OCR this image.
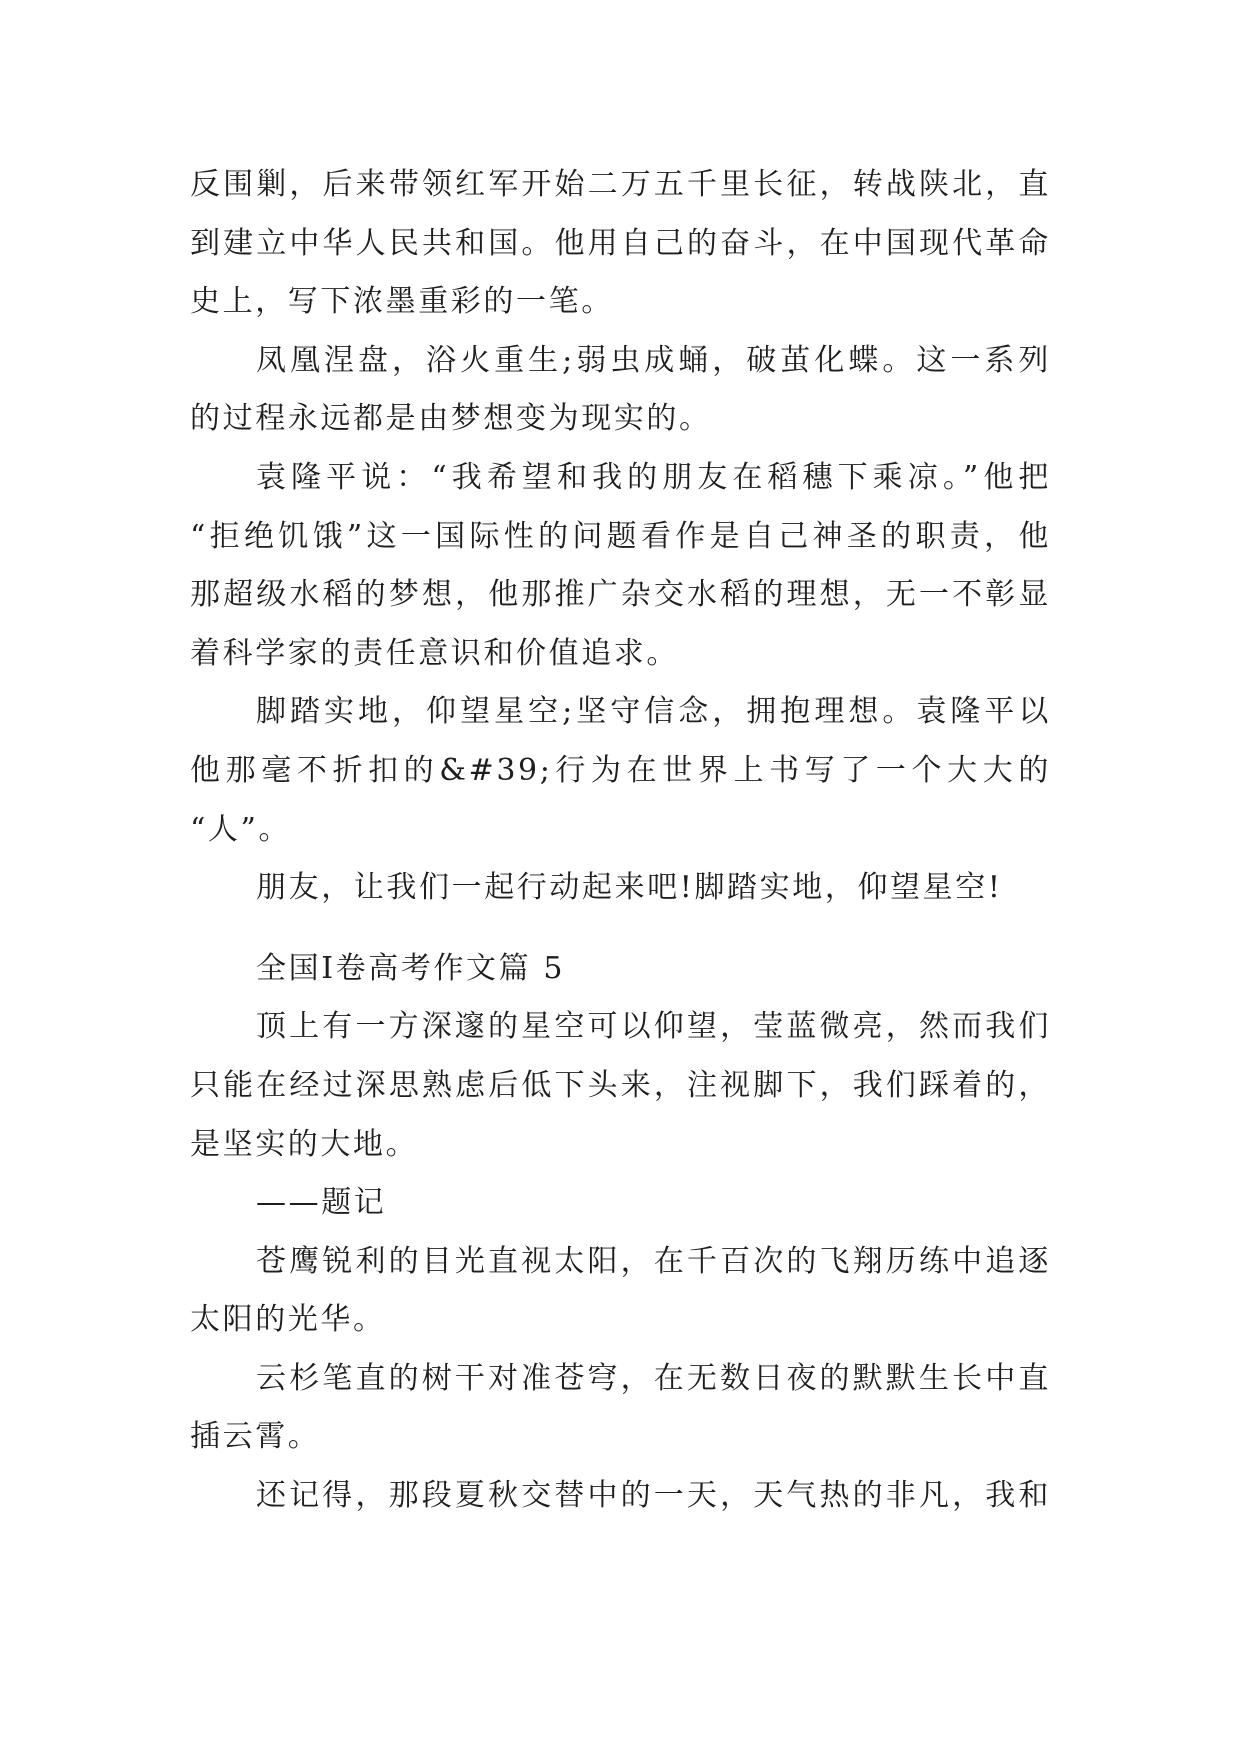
反围剿，后来带领红军开始二万五千里长征，转战陕北，直
到建立中华人民共和国。他用自己的奋斗，在中国现代革命
史上，写下浓墨重彩的一笔。
凤凰涅盘，浴火重生;弱虫成蛹，破茧化蝶。这一系列
的过程永远都是由梦想变为现实的。
袁隆平说：“我希望和我的朋友在稻穗下乘凉。”他把
“拒绝饥饿”这一国际性的问题看作是自己神圣的职责，他
那超级水稻的梦想，他那推广杂交水稻的理想，无一不彰显
着科学家的责任意识和价值追求。
脚踏实地，仰望星空;坚守信念，拥抱理想。袁隆平以
他那毫不折扣的&#39;行为在世界上书写了一个大大的
“人”。
朋友，让我们一起行动起来吧!脚踏实地，仰望星空!
全国Ⅰ卷高考作文篇 5
顶上有一方深邃的星空可以仰望，莹蓝微亮，然而我们
只能在经过深思熟虑后低下头来，注视脚下，我们踩着的，
是坚实的大地。
——题记
苍鹰锐利的目光直视太阳，在千百次的飞翔历练中追逐
太阳的光华。
云杉笔直的树干对准苍穹，在无数日夜的默默生长中直
插云霄。
还记得，那段夏秋交替中的一天，天气热的非凡，我和
